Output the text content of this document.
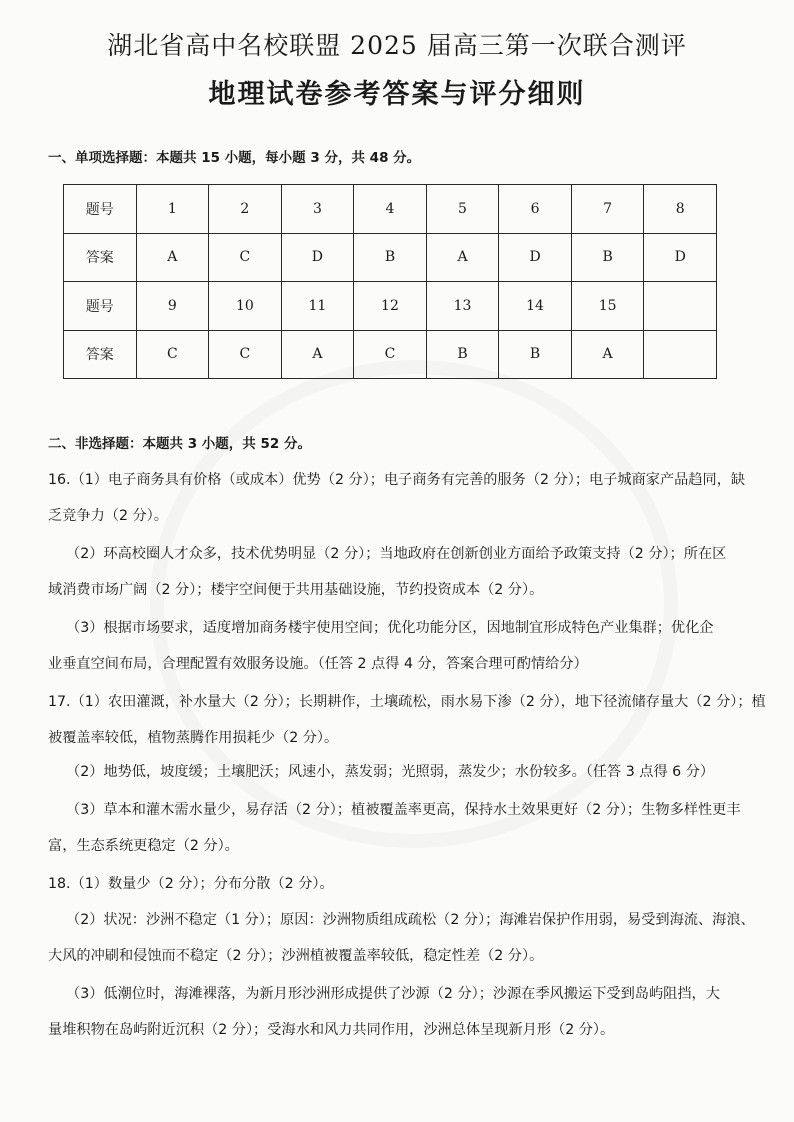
湖北省高中名校联盟 2025 届高三第一次联合测评
地理试卷参考答案与评分细则
一、单项选择题：本题共 15 小题，每小题 3 分，共 48 分。
题号	1	2	3	4	5	6	7	8
答案	A	C	D	B	A	D	B	D
题号	9	10	11	12	13	14	15	
答案	C	C	A	C	B	B	A	
二、非选择题：本题共 3 小题，共 52 分。
16.（1）电子商务具有价格（或成本）优势（2 分）；电子商务有完善的服务（2 分）；电子城商家产品趋同，缺
乏竞争力（2 分）。
（2）环高校圈人才众多，技术优势明显（2 分）；当地政府在创新创业方面给予政策支持（2 分）；所在区
域消费市场广阔（2 分）；楼宇空间便于共用基础设施，节约投资成本（2 分）。
（3）根据市场要求，适度增加商务楼宇使用空间；优化功能分区，因地制宜形成特色产业集群；优化企
业垂直空间布局，合理配置有效服务设施。（任答 2 点得 4 分，答案合理可酌情给分）
17.（1）农田灌溉，补水量大（2 分）；长期耕作，土壤疏松，雨水易下渗（2 分），地下径流储存量大（2 分）；植
被覆盖率较低，植物蒸腾作用损耗少（2 分）。
（2）地势低，坡度缓；土壤肥沃；风速小，蒸发弱；光照弱，蒸发少；水份较多。（任答 3 点得 6 分）
（3）草本和灌木需水量少，易存活（2 分）；植被覆盖率更高，保持水土效果更好（2 分）；生物多样性更丰
富，生态系统更稳定（2 分）。
18.（1）数量少（2 分）；分布分散（2 分）。
（2）状况：沙洲不稳定（1 分）；原因：沙洲物质组成疏松（2 分）；海滩岩保护作用弱，易受到海流、海浪、
大风的冲刷和侵蚀而不稳定（2 分）；沙洲植被覆盖率较低，稳定性差（2 分）。
（3）低潮位时，海滩裸落，为新月形沙洲形成提供了沙源（2 分）；沙源在季风搬运下受到岛屿阻挡，大
量堆积物在岛屿附近沉积（2 分）；受海水和风力共同作用，沙洲总体呈现新月形（2 分）。
